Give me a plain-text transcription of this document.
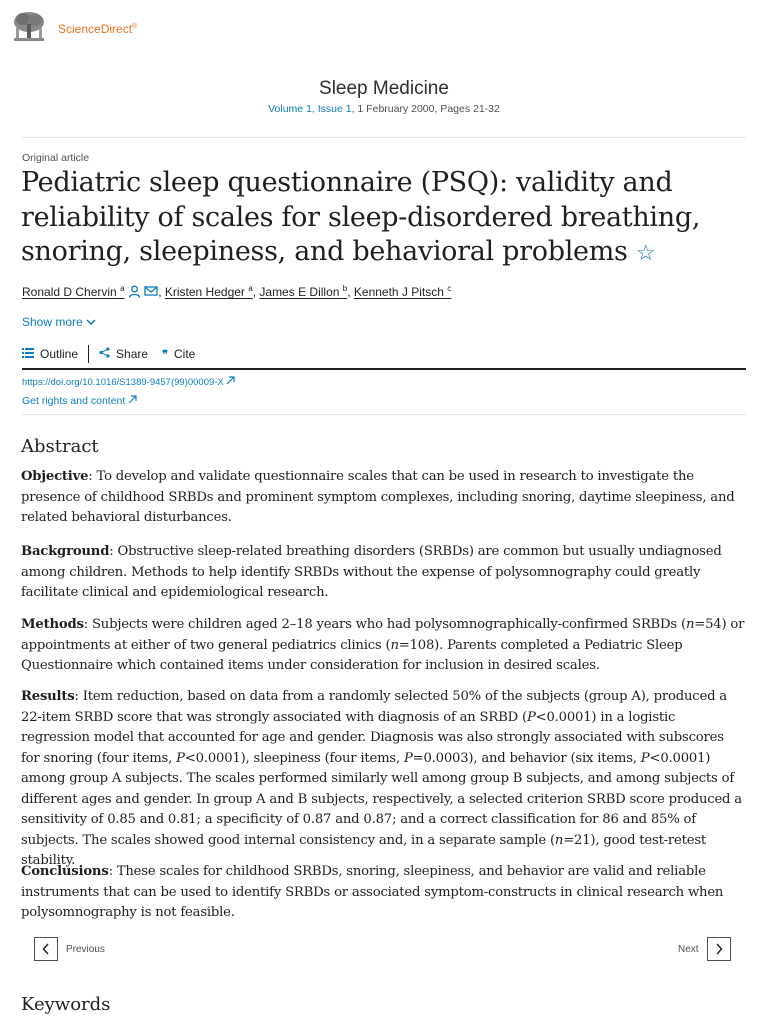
ScienceDirect®
Sleep Medicine
Volume 1, Issue 1, 1 February 2000, Pages 21-32
Original article
Pediatric sleep questionnaire (PSQ): validity and reliability of scales for sleep-disordered breathing, snoring, sleepiness, and behavioral problems ☆
Ronald D Chervin $^a$	, Kristen Hedger $^a$, James E Dillon $^b$, Kenneth J Pitsch $^c$
Show more
Outline	Share ❞ Cite
https://doi.org/10.1016/S1389-9457(99)00009-X
Get rights and content
Abstract
Objective: To develop and validate questionnaire scales that can be used in research to investigate the presence of childhood SRBDs and prominent symptom complexes, including snoring, daytime sleepiness, and related behavioral disturbances.
Background: Obstructive sleep-related breathing disorders (SRBDs) are common but usually undiagnosed among children. Methods to help identify SRBDs without the expense of polysomnography could greatly facilitate clinical and epidemiological research.
Methods: Subjects were children aged 2–18 years who had polysomnographically-confirmed SRBDs (n=54) or appointments at either of two general pediatrics clinics (n=108). Parents completed a Pediatric Sleep Questionnaire which contained items under consideration for inclusion in desired scales.
Results: Item reduction, based on data from a randomly selected 50% of the subjects (group A), produced a 22-item SRBD score that was strongly associated with diagnosis of an SRBD (P<0.0001) in a logistic regression model that accounted for age and gender. Diagnosis was also strongly associated with subscores for snoring (four items, P<0.0001), sleepiness (four items, P=0.0003), and behavior (six items, P<0.0001) among group A subjects. The scales performed similarly well among group B subjects, and among subjects of different ages and gender. In group A and B subjects, respectively, a selected criterion SRBD score produced a sensitivity of 0.85 and 0.81; a specificity of 0.87 and 0.87; and a correct classification for 86 and 85% of subjects. The scales showed good internal consistency and, in a separate sample (n=21), good test-retest stability.
Conclusions: These scales for childhood SRBDs, snoring, sleepiness, and behavior are valid and reliable instruments that can be used to identify SRBDs or associated symptom-constructs in clinical research when polysomnography is not feasible.
Previous	Next
Keywords
